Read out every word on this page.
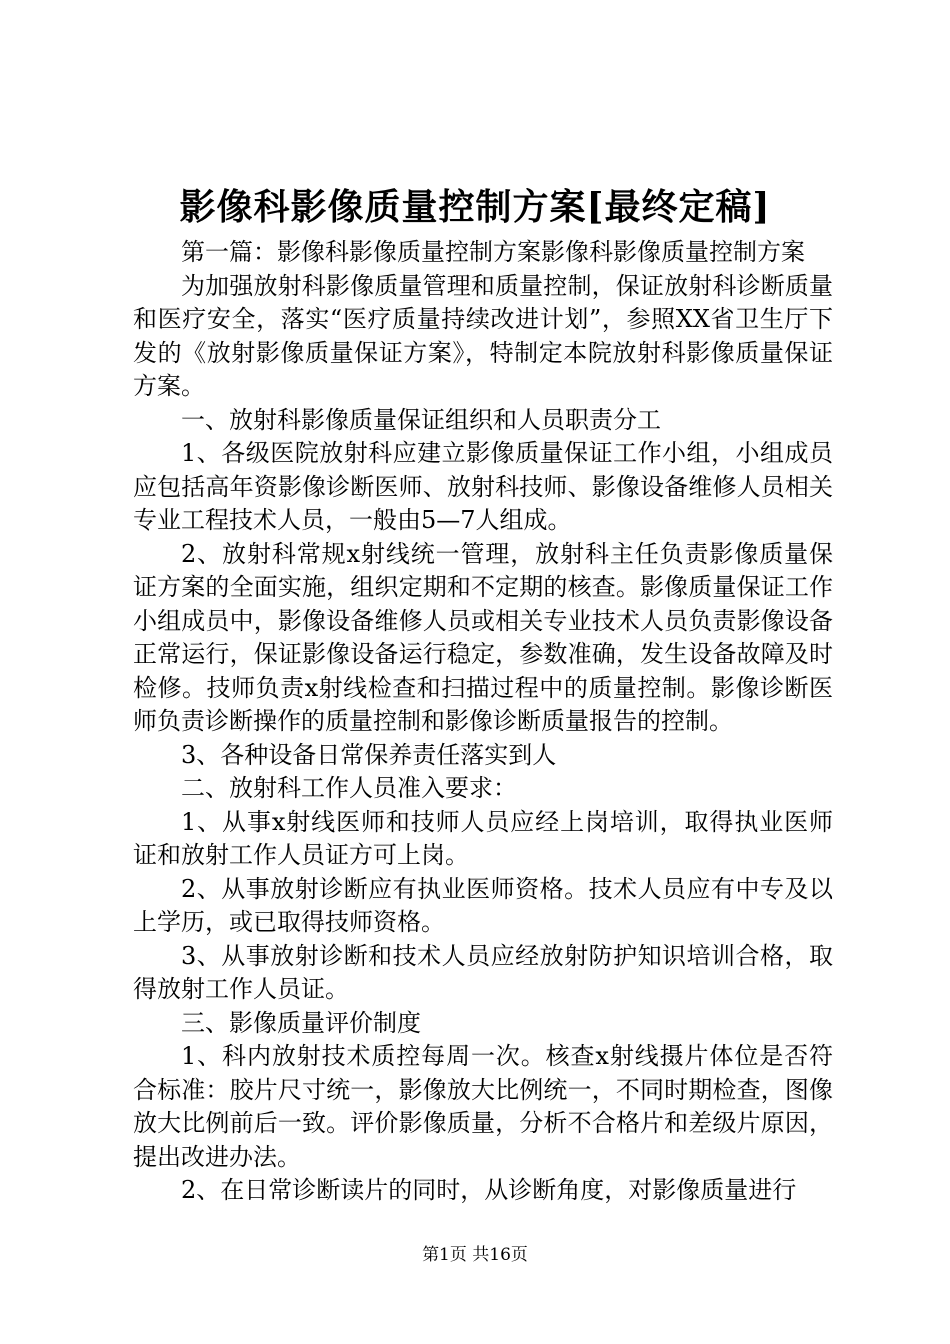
影像科影像质量控制方案[最终定稿]

第一篇：影像科影像质量控制方案影像科影像质量控制方案

为加强放射科影像质量管理和质量控制，保证放射科诊断质量和医疗安全，落实“医疗质量持续改进计划”，参照XX省卫生厅下发的《放射影像质量保证方案》，特制定本院放射科影像质量保证方案。

一、放射科影像质量保证组织和人员职责分工

1、各级医院放射科应建立影像质量保证工作小组，小组成员应包括高年资影像诊断医师、放射科技师、影像设备维修人员相关专业工程技术人员，一般由5—7人组成。

2、放射科常规x射线统一管理，放射科主任负责影像质量保证方案的全面实施，组织定期和不定期的核查。影像质量保证工作小组成员中，影像设备维修人员或相关专业技术人员负责影像设备正常运行，保证影像设备运行稳定，参数准确，发生设备故障及时检修。技师负责x射线检查和扫描过程中的质量控制。影像诊断医师负责诊断操作的质量控制和影像诊断质量报告的控制。

3、各种设备日常保养责任落实到人

二、放射科工作人员准入要求：

1、从事x射线医师和技师人员应经上岗培训，取得执业医师证和放射工作人员证方可上岗。

2、从事放射诊断应有执业医师资格。技术人员应有中专及以上学历，或已取得技师资格。

3、从事放射诊断和技术人员应经放射防护知识培训合格，取得放射工作人员证。

三、影像质量评价制度

1、科内放射技术质控每周一次。核查x射线摄片体位是否符合标准：胶片尺寸统一，影像放大比例统一，不同时期检查，图像放大比例前后一致。评价影像质量，分析不合格片和差级片原因，提出改进办法。

2、在日常诊断读片的同时，从诊断角度，对影像质量进行

第1页 共16页
